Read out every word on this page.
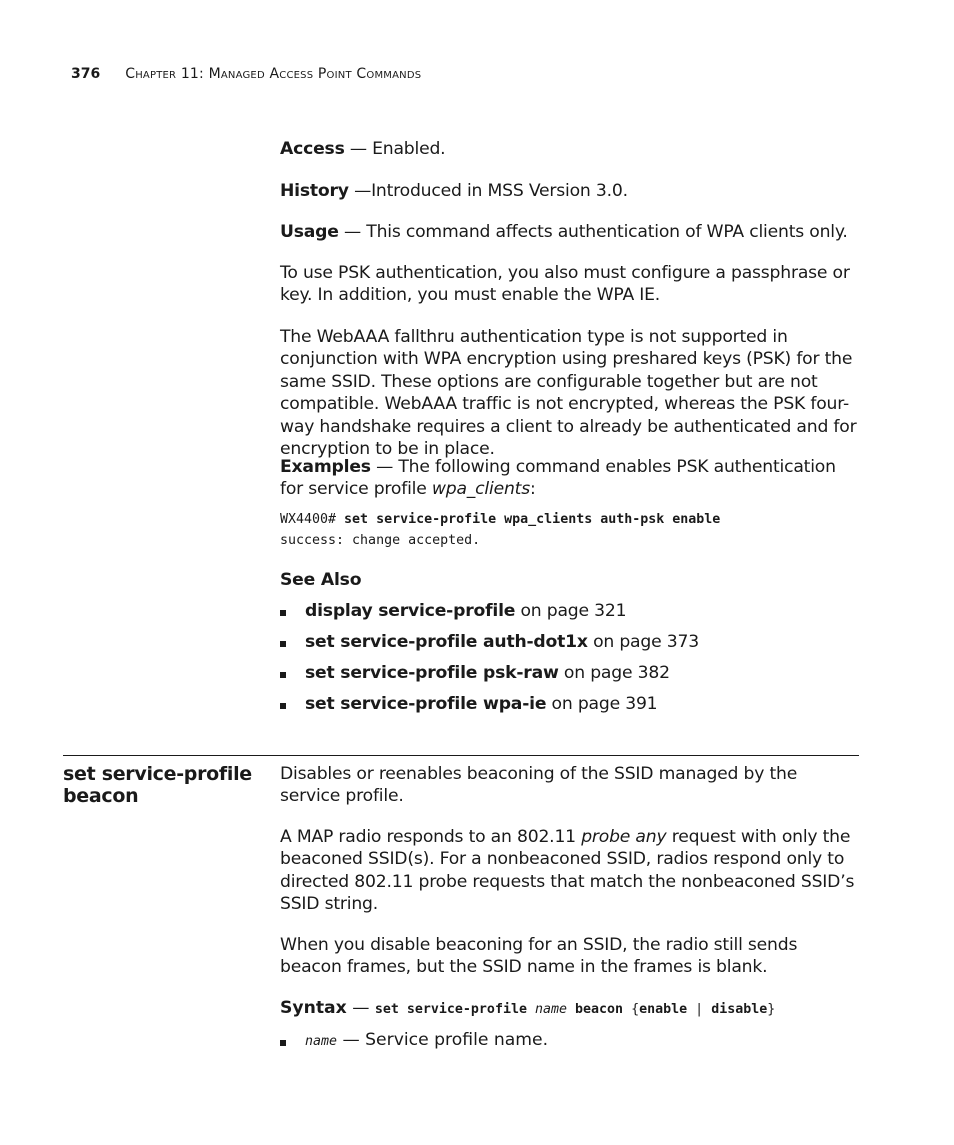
376 Chapter 11: Managed Access Point Commands
Access — Enabled.
History —Introduced in MSS Version 3.0.
Usage — This command affects authentication of WPA clients only.
To use PSK authentication, you also must configure a passphrase or key. In addition, you must enable the WPA IE.
The WebAAA fallthru authentication type is not supported in conjunction with WPA encryption using preshared keys (PSK) for the same SSID. These options are configurable together but are not compatible. WebAAA traffic is not encrypted, whereas the PSK four-way handshake requires a client to already be authenticated and for encryption to be in place.
Examples — The following command enables PSK authentication for service profile wpa_clients:
WX4400# set service-profile wpa_clients auth-psk enable
success: change accepted.
See Also
display service-profile on page 321
set service-profile auth-dot1x on page 373
set service-profile psk-raw on page 382
set service-profile wpa-ie on page 391
set service-profile beacon
Disables or reenables beaconing of the SSID managed by the service profile.
A MAP radio responds to an 802.11 probe any request with only the beaconed SSID(s). For a nonbeaconed SSID, radios respond only to directed 802.11 probe requests that match the nonbeaconed SSID’s SSID string.
When you disable beaconing for an SSID, the radio still sends beacon frames, but the SSID name in the frames is blank.
Syntax — set service-profile name beacon {enable | disable}
name — Service profile name.
